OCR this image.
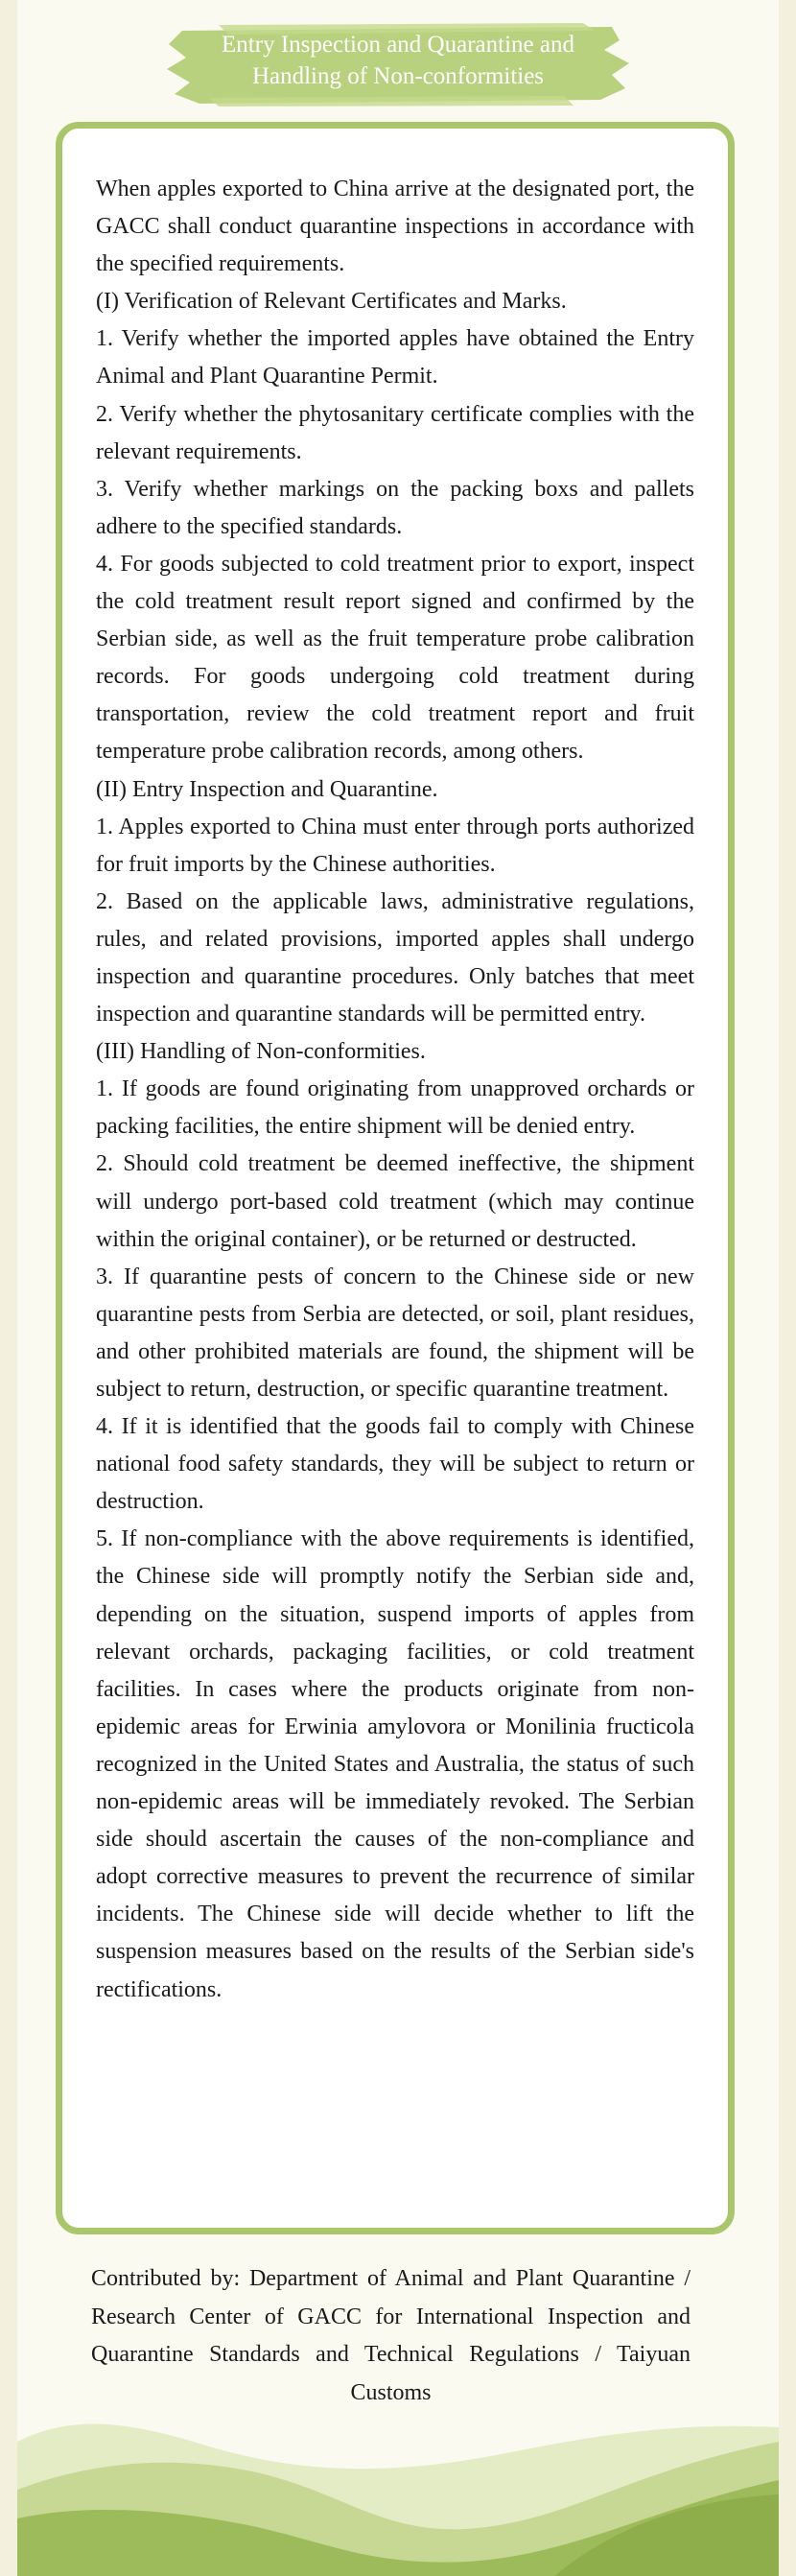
Entry Inspection and Quarantine and
Handling of Non-conformities

When apples exported to China arrive at the designated port, the GACC shall conduct quarantine inspections in accordance with the specified requirements.

(I) Verification of Relevant Certificates and Marks.

1. Verify whether the imported apples have obtained the Entry Animal and Plant Quarantine Permit.

2. Verify whether the phytosanitary certificate complies with the relevant requirements.

3. Verify whether markings on the packing boxs and pallets adhere to the specified standards.

4. For goods subjected to cold treatment prior to export, inspect the cold treatment result report signed and confirmed by the Serbian side, as well as the fruit temperature probe calibration records. For goods undergoing cold treatment during transportation, review the cold treatment report and fruit temperature probe calibration records, among others.

(II) Entry Inspection and Quarantine.

1. Apples exported to China must enter through ports authorized for fruit imports by the Chinese authorities.

2. Based on the applicable laws, administrative regulations, rules, and related provisions, imported apples shall undergo inspection and quarantine procedures. Only batches that meet inspection and quarantine standards will be permitted entry.

(III) Handling of Non-conformities.

1. If goods are found originating from unapproved orchards or packing facilities, the entire shipment will be denied entry.

2. Should cold treatment be deemed ineffective, the shipment will undergo port-based cold treatment (which may continue within the original container), or be returned or destructed.

3. If quarantine pests of concern to the Chinese side or new quarantine pests from Serbia are detected, or soil, plant residues, and other prohibited materials are found, the shipment will be subject to return, destruction, or specific quarantine treatment.

4. If it is identified that the goods fail to comply with Chinese national food safety standards, they will be subject to return or destruction.

5. If non-compliance with the above requirements is identified, the Chinese side will promptly notify the Serbian side and, depending on the situation, suspend imports of apples from relevant orchards, packaging facilities, or cold treatment facilities. In cases where the products originate from non-epidemic areas for Erwinia amylovora or Monilinia fructicola recognized in the United States and Australia, the status of such non-epidemic areas will be immediately revoked. The Serbian side should ascertain the causes of the non-compliance and adopt corrective measures to prevent the recurrence of similar incidents. The Chinese side will decide whether to lift the suspension measures based on the results of the Serbian side's rectifications.

Contributed by: Department of Animal and Plant Quarantine / Research Center of GACC for International Inspection and Quarantine Standards and Technical Regulations / Taiyuan Customs
